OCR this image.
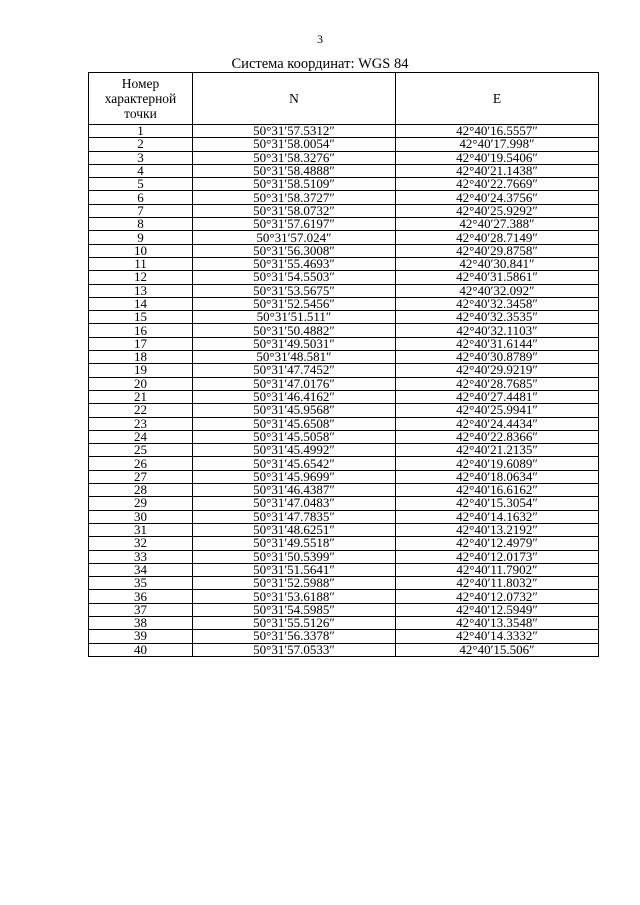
3
Система координат: WGS 84
Номер характерной точки	N	E
1	50°31′57.5312″	42°40′16.5557″
2	50°31′58.0054″	42°40′17.998″
3	50°31′58.3276″	42°40′19.5406″
4	50°31′58.4888″	42°40′21.1438″
5	50°31′58.5109″	42°40′22.7669″
6	50°31′58.3727″	42°40′24.3756″
7	50°31′58.0732″	42°40′25.9292″
8	50°31′57.6197″	42°40′27.388″
9	50°31′57.024″	42°40′28.7149″
10	50°31′56.3008″	42°40′29.8758″
11	50°31′55.4693″	42°40′30.841″
12	50°31′54.5503″	42°40′31.5861″
13	50°31′53.5675″	42°40′32.092″
14	50°31′52.5456″	42°40′32.3458″
15	50°31′51.511″	42°40′32.3535″
16	50°31′50.4882″	42°40′32.1103″
17	50°31′49.5031″	42°40′31.6144″
18	50°31′48.581″	42°40′30.8789″
19	50°31′47.7452″	42°40′29.9219″
20	50°31′47.0176″	42°40′28.7685″
21	50°31′46.4162″	42°40′27.4481″
22	50°31′45.9568″	42°40′25.9941″
23	50°31′45.6508″	42°40′24.4434″
24	50°31′45.5058″	42°40′22.8366″
25	50°31′45.4992″	42°40′21.2135″
26	50°31′45.6542″	42°40′19.6089″
27	50°31′45.9699″	42°40′18.0634″
28	50°31′46.4387″	42°40′16.6162″
29	50°31′47.0483″	42°40′15.3054″
30	50°31′47.7835″	42°40′14.1632″
31	50°31′48.6251″	42°40′13.2192″
32	50°31′49.5518″	42°40′12.4979″
33	50°31′50.5399″	42°40′12.0173″
34	50°31′51.5641″	42°40′11.7902″
35	50°31′52.5988″	42°40′11.8032″
36	50°31′53.6188″	42°40′12.0732″
37	50°31′54.5985″	42°40′12.5949″
38	50°31′55.5126″	42°40′13.3548″
39	50°31′56.3378″	42°40′14.3332″
40	50°31′57.0533″	42°40′15.506″
